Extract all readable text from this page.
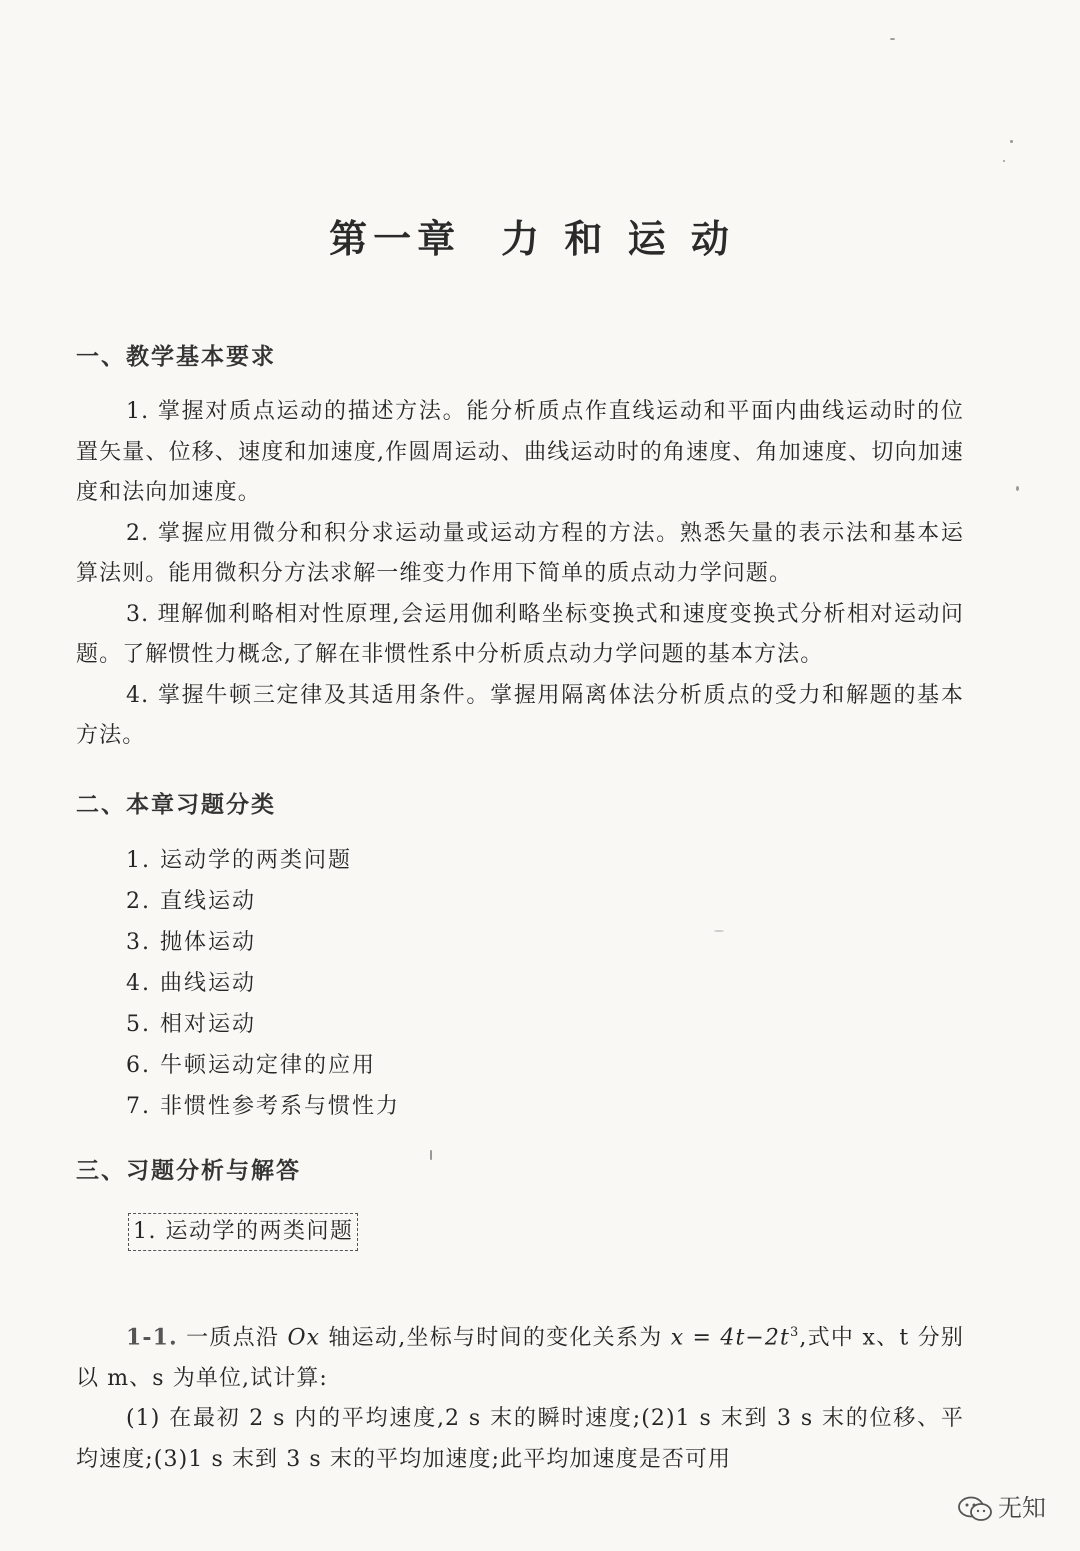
第一章 力 和 运 动
一、教学基本要求

1. 掌握对质点运动的描述方法。能分析质点作直线运动和平面内曲线运动时的位置矢量、位移、速度和加速度,作圆周运动、曲线运动时的角速度、角加速度、切向加速度和法向加速度。

2. 掌握应用微分和积分求运动量或运动方程的方法。熟悉矢量的表示法和基本运算法则。能用微积分方法求解一维变力作用下简单的质点动力学问题。

3. 理解伽利略相对性原理,会运用伽利略坐标变换式和速度变换式分析相对运动问题。了解惯性力概念,了解在非惯性系中分析质点动力学问题的基本方法。

4. 掌握牛顿三定律及其适用条件。掌握用隔离体法分析质点的受力和解题的基本方法。

二、本章习题分类
1. 运动学的两类问题
2. 直线运动
3. 抛体运动
4. 曲线运动
5. 相对运动
6. 牛顿运动定律的应用
7. 非惯性参考系与惯性力
三、习题分析与解答
1. 运动学的两类问题

1-1. 一质点沿 Ox 轴运动,坐标与时间的变化关系为 $x = 4t-2t^3$,式中 x、t 分别以 m、s 为单位,试计算:

(1) 在最初 2 s 内的平均速度,2 s 末的瞬时速度;(2)1 s 末到 3 s 末的位移、平均速度;(3)1 s 末到 3 s 末的平均加速度;此平均加速度是否可用

无知
